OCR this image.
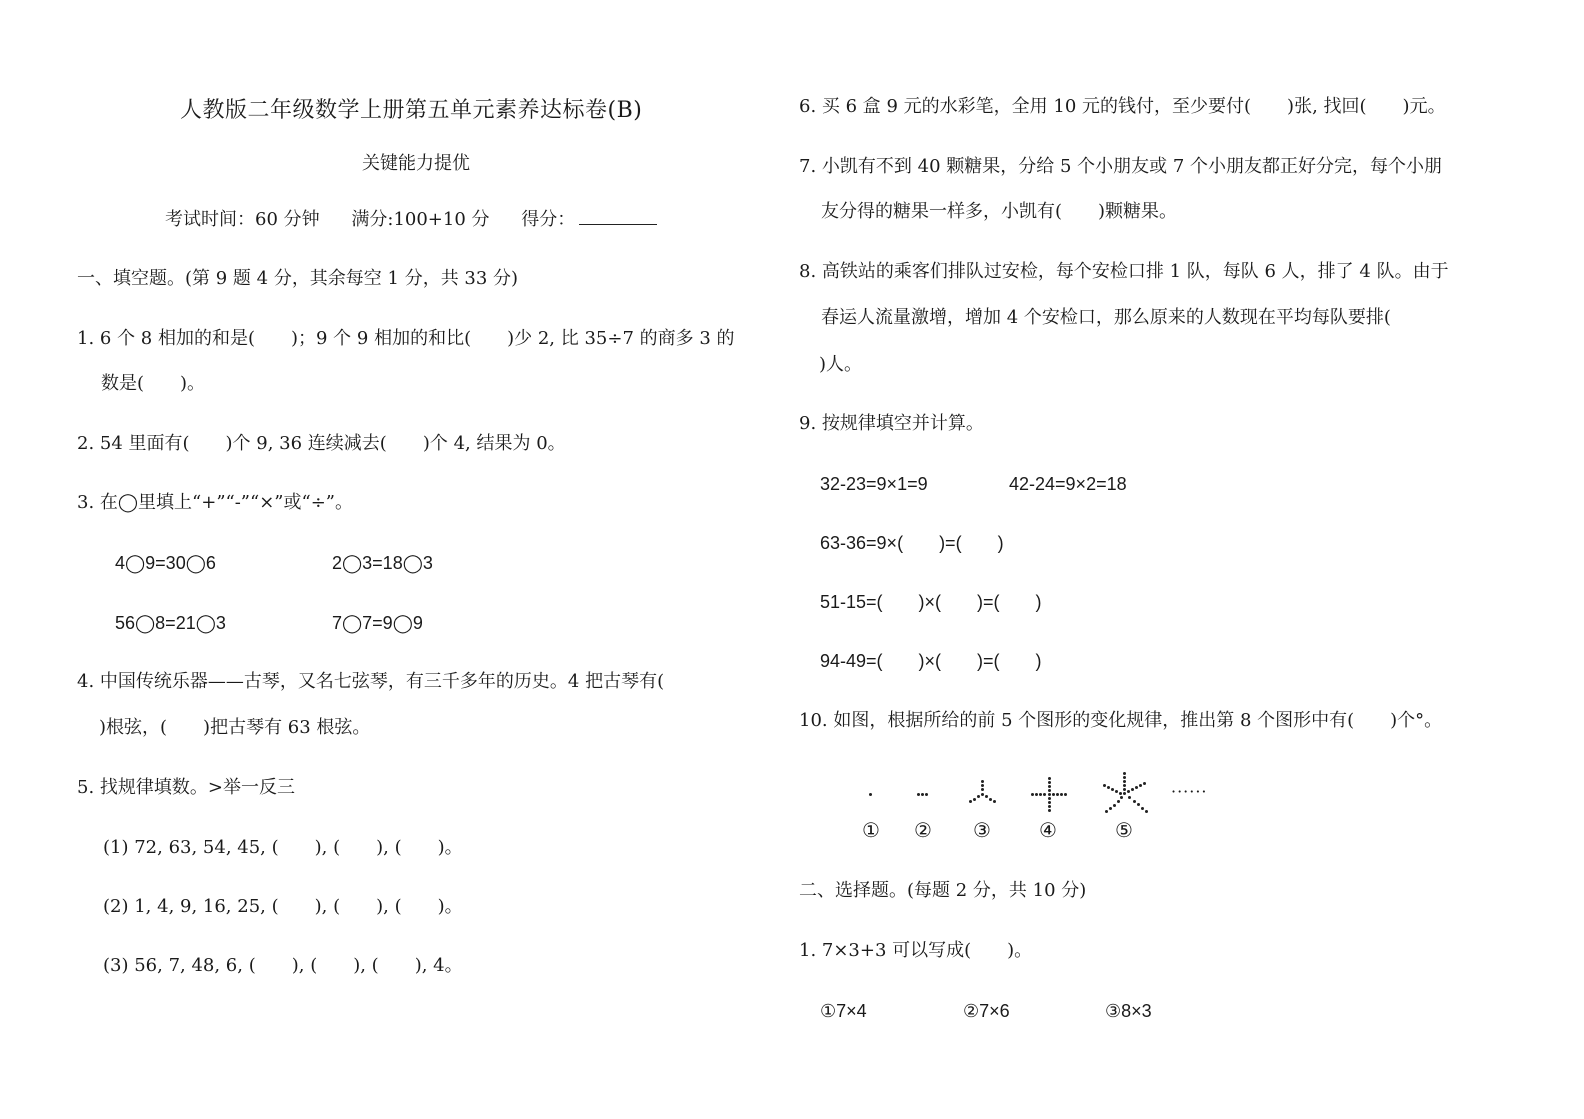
人教版二年级数学上册第五单元素养达标卷(B)
关键能力提优
考试时间：60 分钟 满分:100+10 分 得分：
一、填空题。(第 9 题 4 分，其余每空 1 分，共 33 分)
1. 6 个 8 相加的和是(　　)；9 个 9 相加的和比(　　)少 2, 比 35÷7 的商多 3 的
数是(　　)。
2. 54 里面有(　　)个 9, 36 连续减去(　　)个 4, 结果为 0。
3. 在◯里填上“+”“-”“×”或“÷”。
4◯9=30◯6	2◯3=18◯3
56◯8=21◯3	7◯7=9◯9
4. 中国传统乐器——古琴，又名七弦琴，有三千多年的历史。4 把古琴有(
)根弦，(　　)把古琴有 63 根弦。
5. 找规律填数。>举一反三
(1) 72, 63, 54, 45, (　　), (　　), (　　)。
(2) 1, 4, 9, 16, 25, (　　), (　　), (　　)。
(3) 56, 7, 48, 6, (　　), (　　), (　　), 4。
6. 买 6 盒 9 元的水彩笔，全用 10 元的钱付，至少要付(　　)张, 找回(　　)元。
7. 小凯有不到 40 颗糖果，分给 5 个小朋友或 7 个小朋友都正好分完，每个小朋
友分得的糖果一样多，小凯有(　　)颗糖果。
8. 高铁站的乘客们排队过安检，每个安检口排 1 队，每队 6 人，排了 4 队。由于
春运人流量激增，增加 4 个安检口，那么原来的人数现在平均每队要排(
)人。
9. 按规律填空并计算。
32-23=9×1=9	42-24=9×2=18
63-36=9×(　　)=(　　)
51-15=(　　)×(　　)=(　　)
94-49=(　　)×(　　)=(　　)
10. 如图，根据所给的前 5 个图形的变化规律，推出第 8 个图形中有(　　)个°。
······
① ② ③ ④	⑤
二、选择题。(每题 2 分，共 10 分)
1. 7×3+3 可以写成(　　)。
①7×4	②7×6	③8×3
